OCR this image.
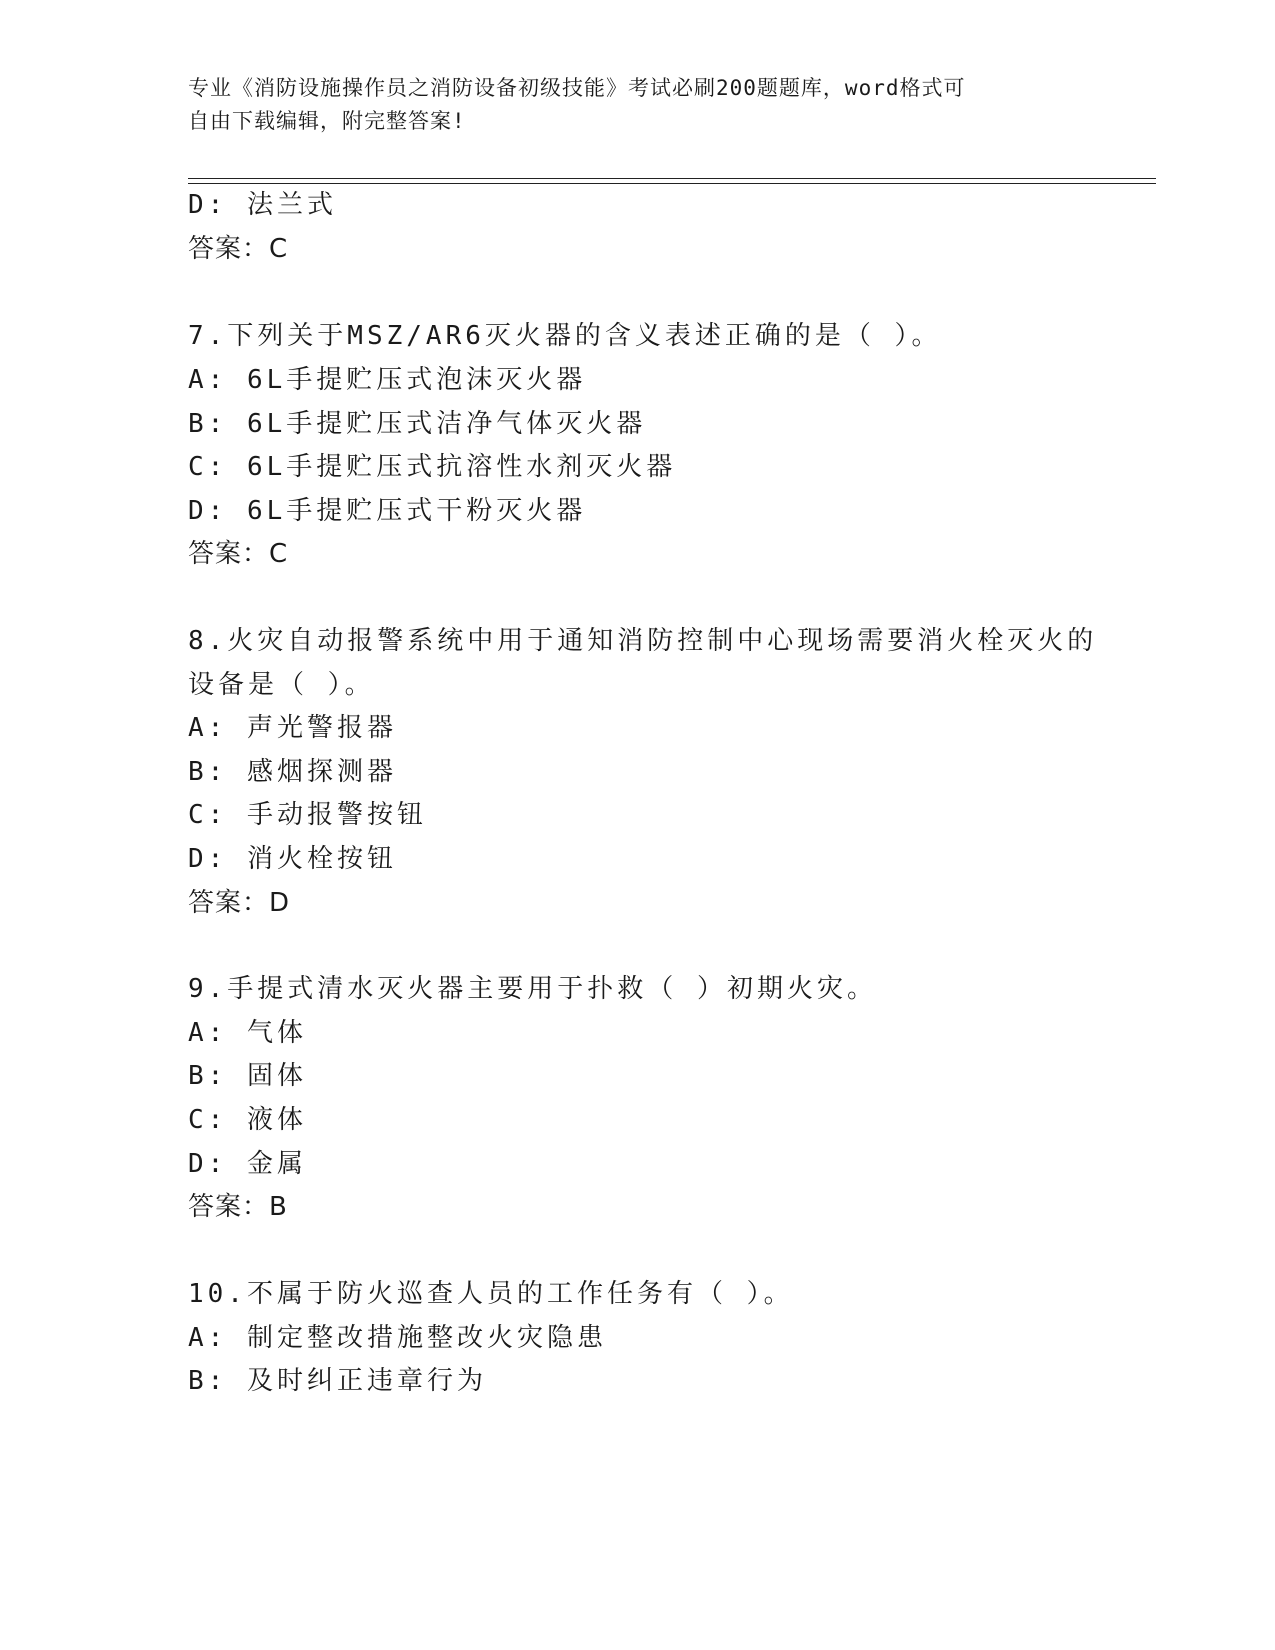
专业《消防设施操作员之消防设备初级技能》考试必刷200题题库，word格式可
自由下载编辑，附完整答案!
D: 法兰式
答案：C
7.下列关于MSZ/AR6灭火器的含义表述正确的是（ ）。
A: 6L手提贮压式泡沫灭火器
B: 6L手提贮压式洁净气体灭火器
C: 6L手提贮压式抗溶性水剂灭火器
D: 6L手提贮压式干粉灭火器
答案：C
8.火灾自动报警系统中用于通知消防控制中心现场需要消火栓灭火的
设备是（ ）。
A: 声光警报器
B: 感烟探测器
C: 手动报警按钮
D: 消火栓按钮
答案：D
9.手提式清水灭火器主要用于扑救（ ）初期火灾。
A: 气体
B: 固体
C: 液体
D: 金属
答案：B
10.不属于防火巡查人员的工作任务有（ ）。
A: 制定整改措施整改火灾隐患
B: 及时纠正违章行为
